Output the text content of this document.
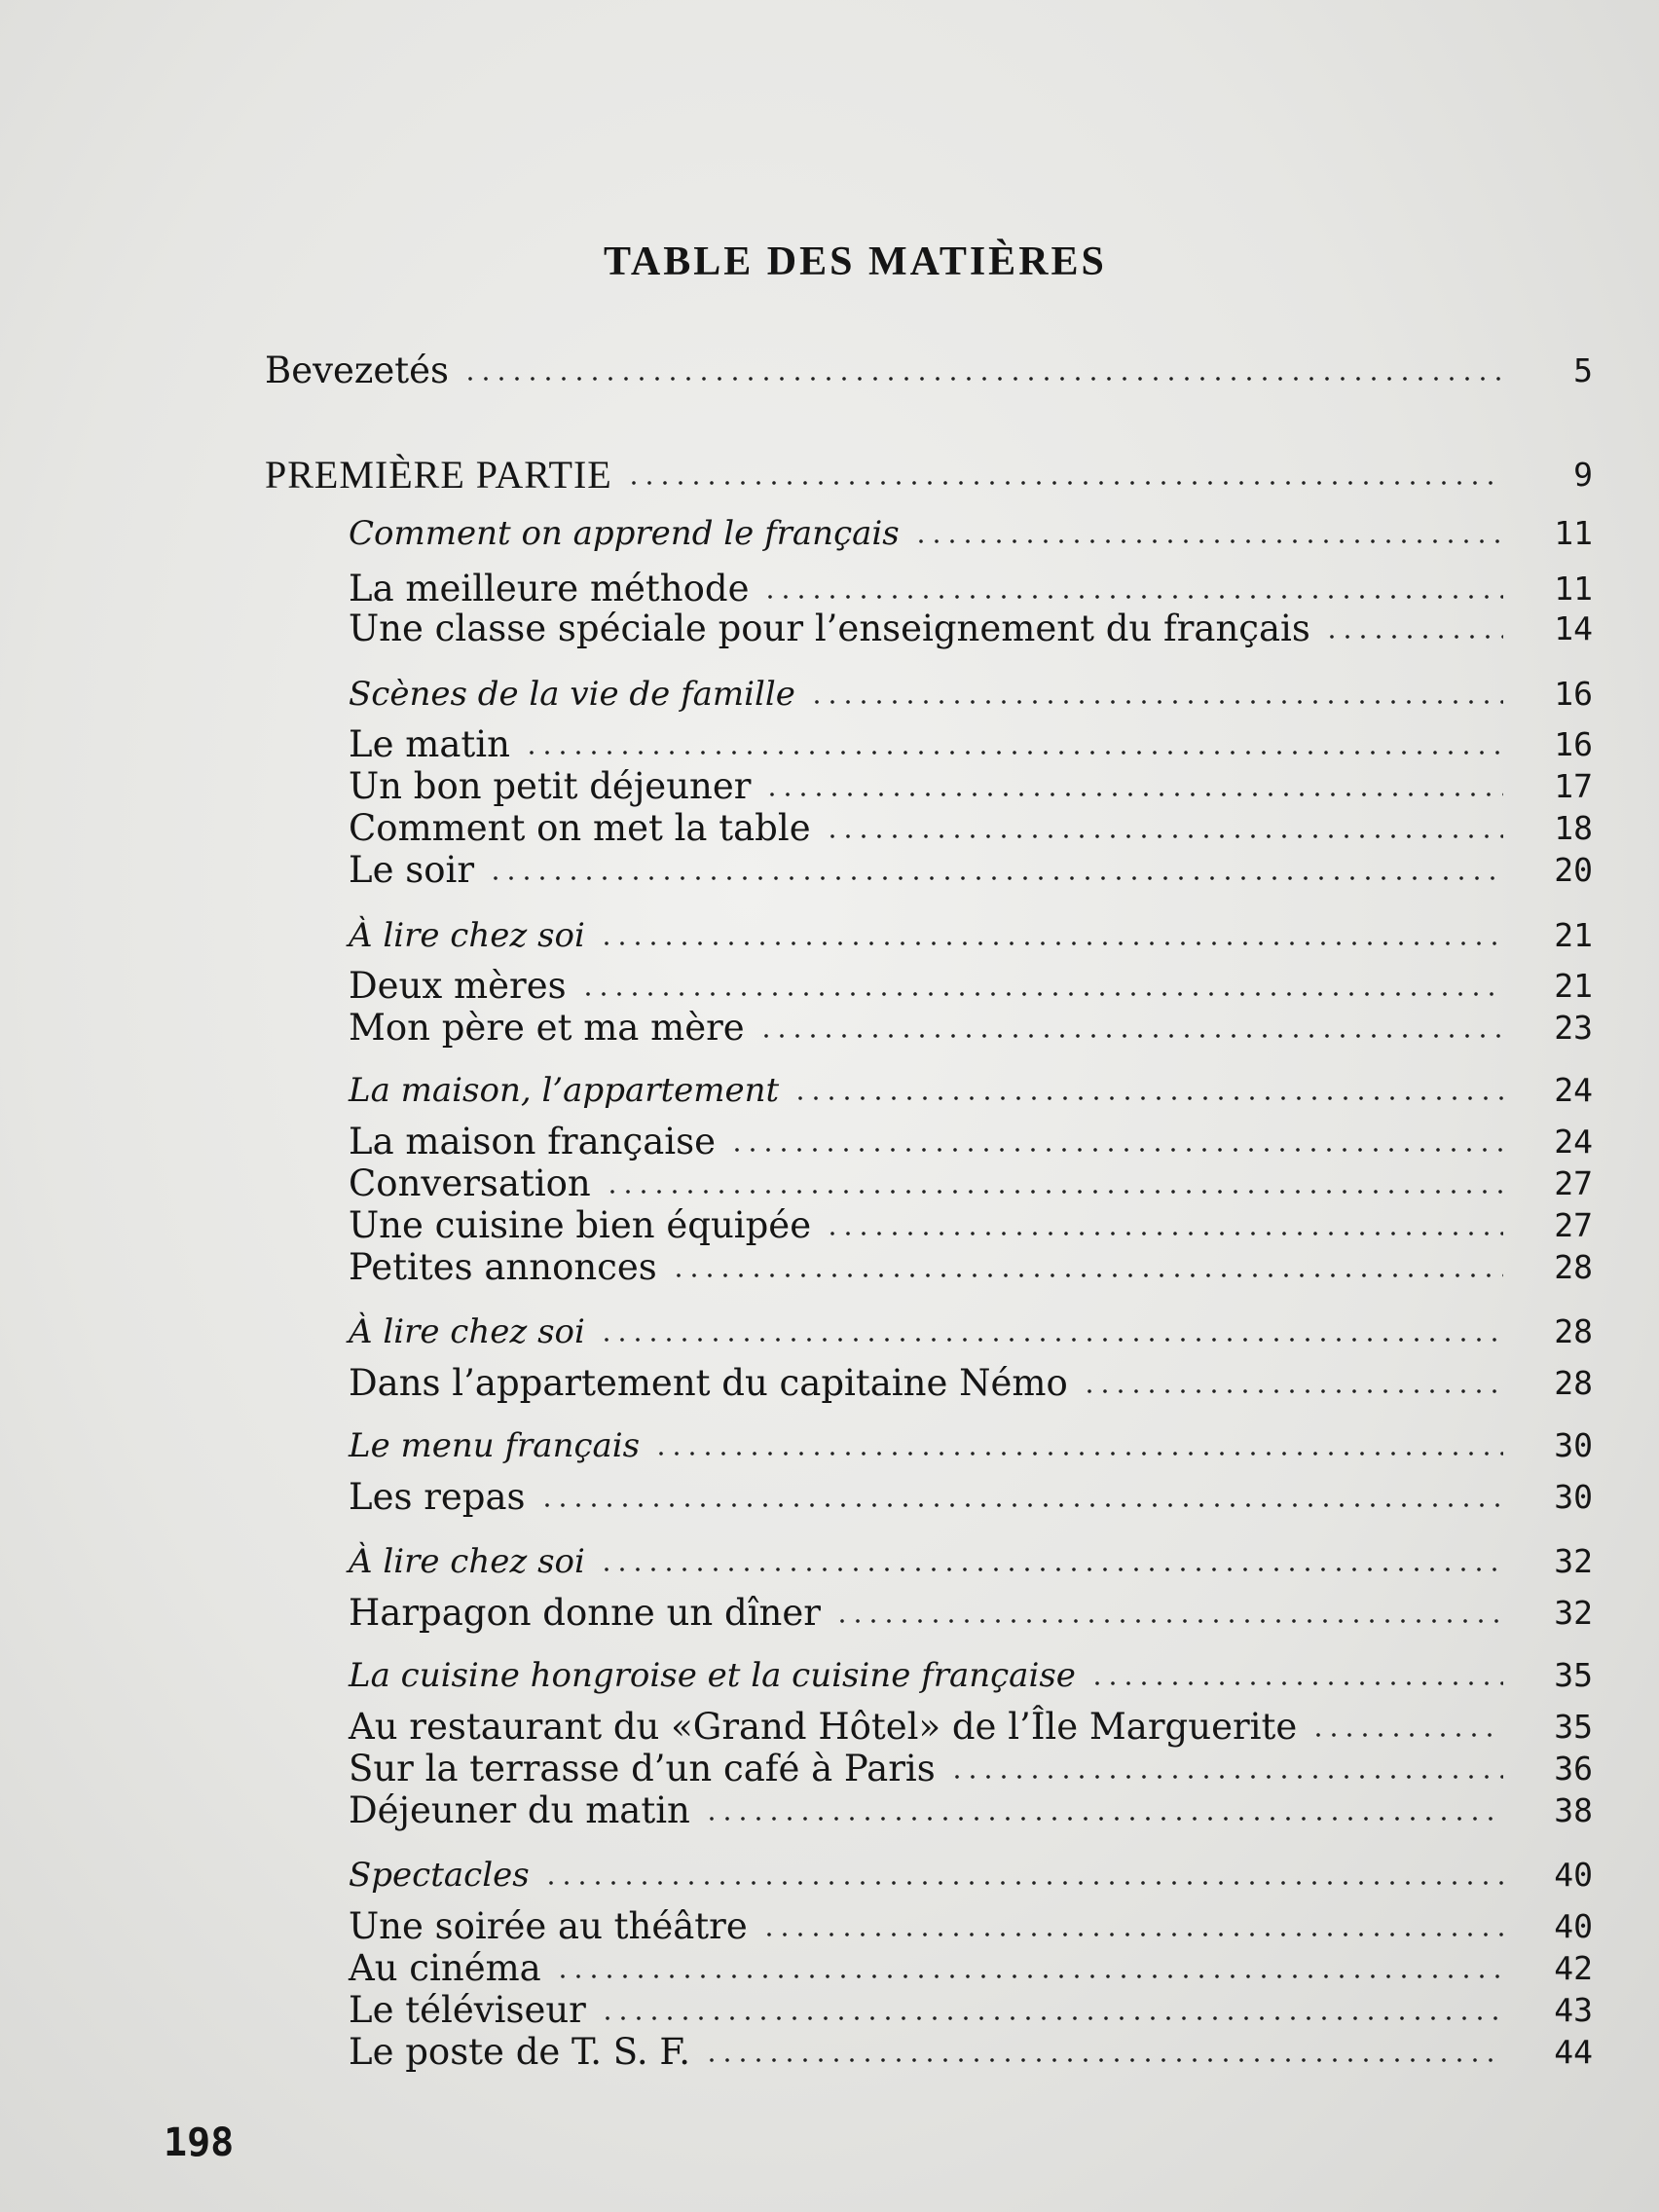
TABLE DES MATIÈRES
Bevezetés	5
PREMIÈRE PARTIE	9
Comment on apprend le français	11
La meilleure méthode	11
Une classe spéciale pour l’enseignement du français	14
Scènes de la vie de famille	16
Le matin	16
Un bon petit déjeuner	17
Comment on met la table	18
Le soir	20
À lire chez soi	21
Deux mères	21
Mon père et ma mère	23
La maison, l’appartement	24
La maison française	24
Conversation	27
Une cuisine bien équipée	27
Petites annonces	28
À lire chez soi	28
Dans l’appartement du capitaine Némo	28
Le menu français	30
Les repas	30
À lire chez soi	32
Harpagon donne un dîner	32
La cuisine hongroise et la cuisine française	35
Au restaurant du «Grand Hôtel» de l’Île Marguerite	35
Sur la terrasse d’un café à Paris	36
Déjeuner du matin	38
Spectacles	40
Une soirée au théâtre	40
Au cinéma	42
Le téléviseur	43
Le poste de T. S. F.	44
198
